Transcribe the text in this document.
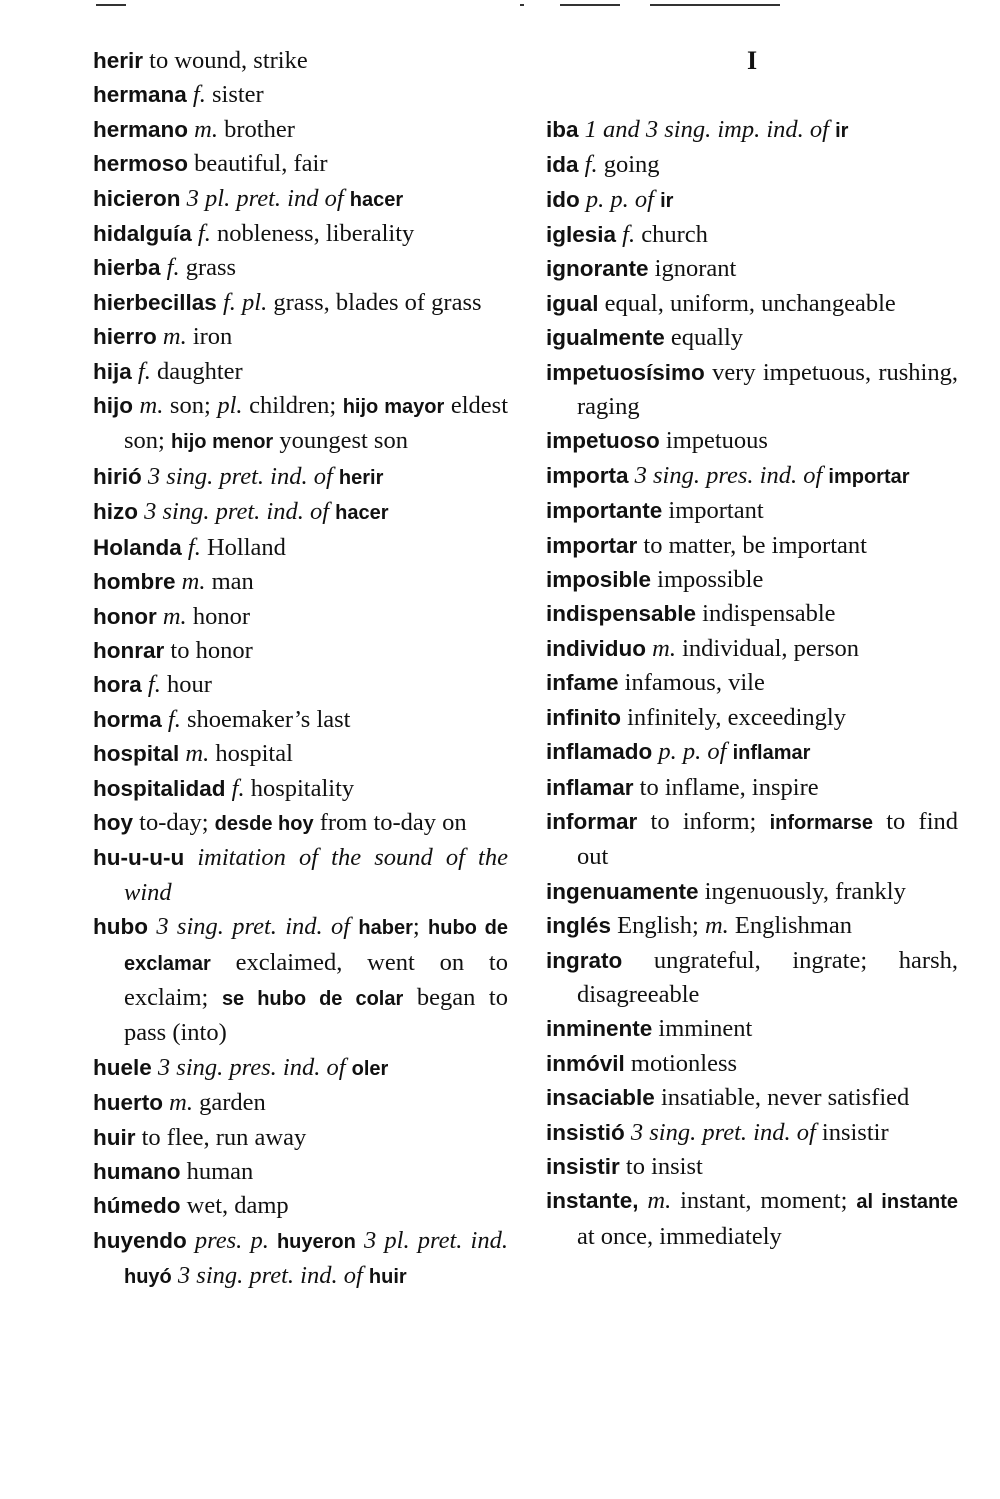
herir to wound, strike
hermana f. sister
hermano m. brother
hermoso beautiful, fair
hicieron 3 pl. pret. ind of hacer
hidalguía f. nobleness, liberality
hierba f. grass
hierbecillas f. pl. grass, blades of grass
hierro m. iron
hija f. daughter
hijo m. son; pl. children; hijo mayor eldest son; hijo menor youngest son
hirió 3 sing. pret. ind. of herir
hizo 3 sing. pret. ind. of hacer
Holanda f. Holland
hombre m. man
honor m. honor
honrar to honor
hora f. hour
horma f. shoemaker’s last
hospital m. hospital
hospitalidad f. hospitality
hoy to-day; desde hoy from to-day on
hu-u-u-u imitation of the sound of the wind
hubo 3 sing. pret. ind. of haber; hubo de exclamar exclaimed, went on to exclaim; se hubo de colar began to pass (into)
huele 3 sing. pres. ind. of oler
huerto m. garden
huir to flee, run away
humano human
húmedo wet, damp
huyendo pres. p. huyeron 3 pl. pret. ind. huyó 3 sing. pret. ind. of huir
I
iba 1 and 3 sing. imp. ind. of ir
ida f. going
ido p. p. of ir
iglesia f. church
ignorante ignorant
igual equal, uniform, unchangeable
igualmente equally
impetuosísimo very impetuous, rushing, raging
impetuoso impetuous
importa 3 sing. pres. ind. of importar
importante important
importar to matter, be important
imposible impossible
indispensable indispensable
individuo m. individual, person
infame infamous, vile
infinito infinitely, exceedingly
inflamado p. p. of inflamar
inflamar to inflame, inspire
informar to inform; informarse to find out
ingenuamente ingenuously, frankly
inglés English; m. Englishman
ingrato ungrateful, ingrate; harsh, disagreeable
inminente imminent
inmóvil motionless
insaciable insatiable, never satisfied
insistió 3 sing. pret. ind. of insistir
insistir to insist
instante, m. instant, moment; al instante at once, immediately
